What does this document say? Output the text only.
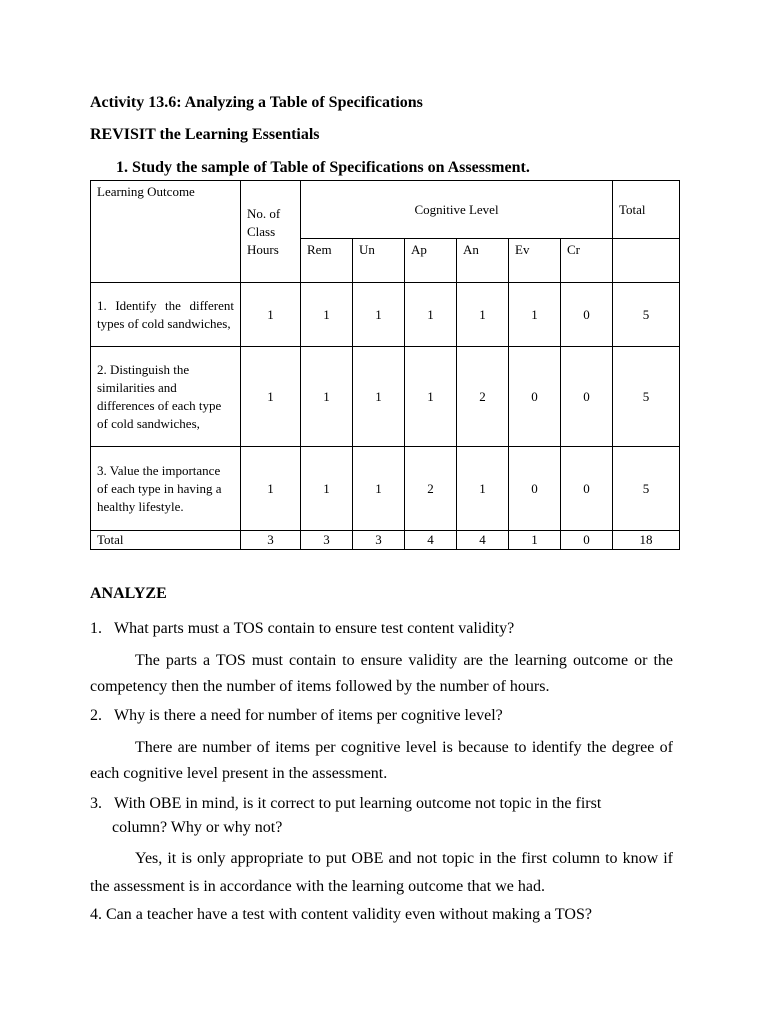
Activity 13.6: Analyzing a Table of Specifications
REVISIT the Learning Essentials
1. Study the sample of Table of Specifications on Assessment.
Learning Outcome	No. of Class Hours	Cognitive Level						Total
		Rem	Un	Ap	An	Ev	Cr	
1. Identify the different types of cold sandwiches,	1	1	1	1	1	1	0	5
2. Distinguish the similarities and differences of each type of cold sandwiches,	1	1	1	1	2	0	0	5
3. Value the importance of each type in having a healthy lifestyle.	1	1	1	2	1	0	0	5
Total	3	3	3	4	4	1	0	18
ANALYZE
1. What parts must a TOS contain to ensure test content validity?
The parts a TOS must contain to ensure validity are the learning outcome or the competency then the number of items followed by the number of hours.
2. Why is there a need for number of items per cognitive level?
There are number of items per cognitive level is because to identify the degree of each cognitive level present in the assessment.
3. With OBE in mind, is it correct to put learning outcome not topic in the first
column? Why or why not?
Yes, it is only appropriate to put OBE and not topic in the first column to know if the assessment is in accordance with the learning outcome that we had.
4. Can a teacher have a test with content validity even without making a TOS?
